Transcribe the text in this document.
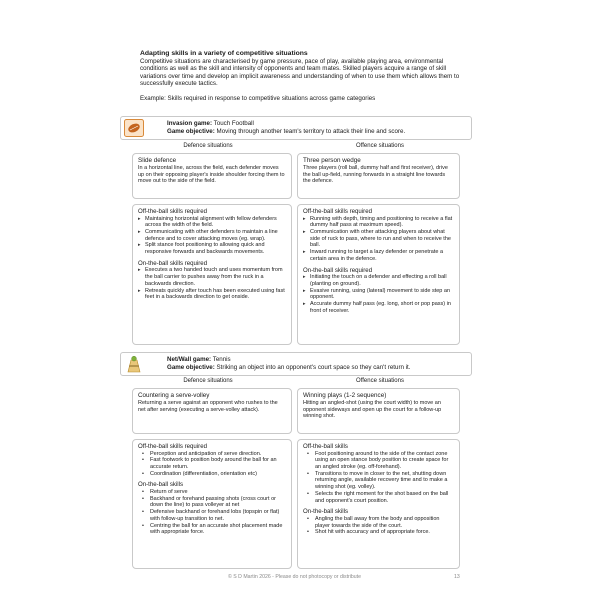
Adapting skills in a variety of competitive situations

Competitive situations are characterised by game pressure, pace of play, available playing area, environmental conditions as well as the skill and intensity of opponents and team mates. Skilled players acquire a range of skill variations over time and develop an implicit awareness and understanding of when to use them which allows them to successfully execute tactics.

Example: Skills required in response to competitive situations across game categories

Invasion game: Touch Football
Game objective: Moving through another team's territory to attack their line and score.
Defence situations	Offence situations

Slide defence

In a horizontal line, across the field, each defender moves up on their opposing player's inside shoulder forcing them to move out to the side of the field.

Three person wedge

Three players (roll ball, dummy half and first receiver), drive the ball up-field, running forwards in a straight line towards the defence.

Off-the-ball skills required

▸ Maintaining horizontal alignment with fellow defenders across the width of the field.
▸ Communicating with other defenders to maintain a line defence and to cover attacking moves (eg. wrap).
▸ Split stance foot positioning to allowing quick and responsive forwards and backwards movements.

On-the-ball skills required

▸ Executes a two handed touch and uses momentum from the ball carrier to pushes away from the ruck in a backwards direction.
▸ Retreats quickly after touch has been executed using fast feet in a backwards direction to get onside.

Off-the-ball skills required

▸ Running with depth, timing and positioning to receive a flat dummy half pass at maximum speed).
▸ Communication with other attacking players about what side of ruck to pass, where to run and when to receive the ball.
▸ Inward running to target a lazy defender or penetrate a certain area in the defence.

On-the-ball skills required

▸ Initiating the touch on a defender and effecting a roll ball (planting on ground).
▸ Evasive running, using (lateral) movement to side step an opponent.
▸ Accurate dummy half pass (eg. long, short or pop pass) in front of receiver.
Net/Wall game: Tennis
Game objective: Striking an object into an opponent's court space so they can't return it.
Defence situations	Offence situations

Countering a serve-volley

Returning a serve against an opponent who rushes to the net after serving (executing a serve-volley attack).

Winning plays (1-2 sequence)

Hitting an angled-shot (using the court width) to move an opponent sideways and open up the court for a follow-up winning shot.

Off-the-ball skills required

• Perception and anticipation of serve direction.
• Fast footwork to position body around the ball for an accurate return.
• Coordination (differentiation, orientation etc)

On-the-ball skills

• Return of serve
• Backhand or forehand passing shots (cross court or down the line) to pass volleyer at net
• Defensive backhand or forehand lobs (topspin or flat) with follow-up transition to net.
• Centring the ball for an accurate shot placement made with appropriate force.

Off-the-ball skills

• Foot positioning around to the side of the contact zone using an open stance body position to create space for an angled stroke (eg. off-forehand).
• Transitions to move in closer to the net, shutting down returning angle, available recovery time and to make a winning shot (eg. volley).
• Selects the right moment for the shot based on the ball and opponent's court position.

On-the-ball skills

• Angling the ball away from the body and opposition player towards the side of the court.
• Shot hit with accuracy and of appropriate force.
© S D Martin 2026 - Please do not photocopy or distribute	13
